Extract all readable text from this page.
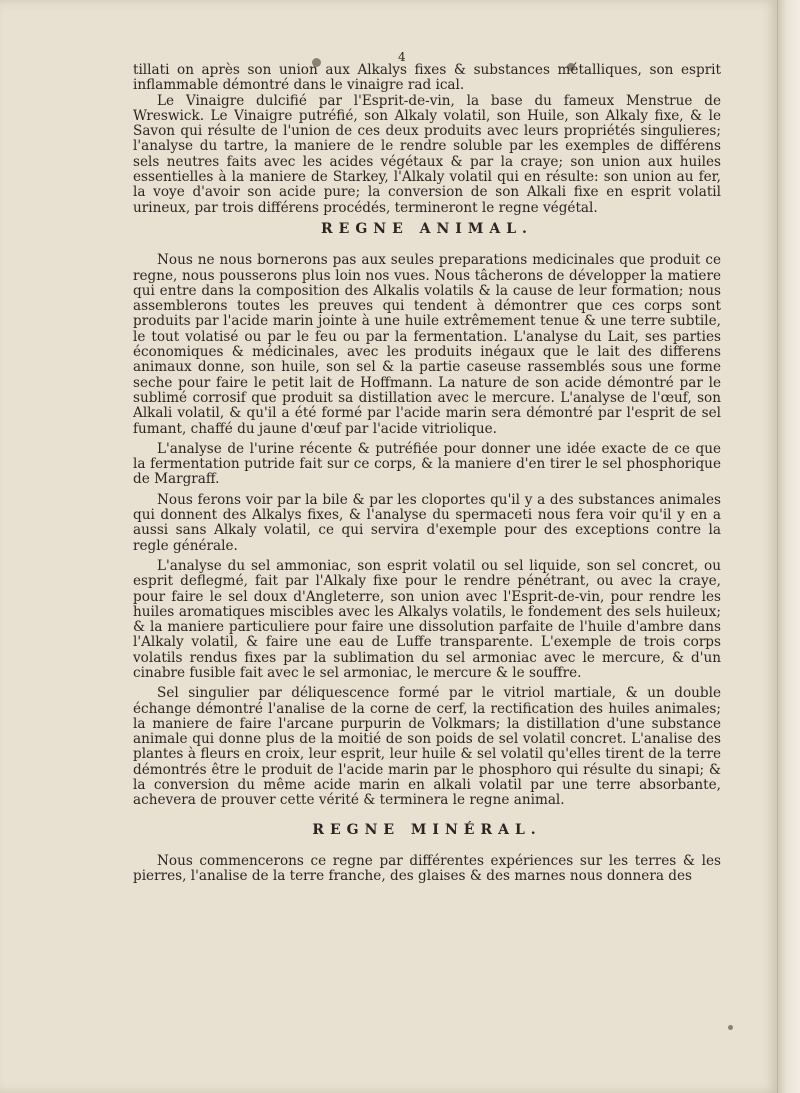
4

tillati on après son union aux Alkalys fixes & substances métalliques, son esprit inflammable démontré dans le vinaigre rad ical.

Le Vinaigre dulcifié par l'Esprit-de-vin, la base du fameux Menstrue de Wreswick. Le Vinaigre putréfié, son Alkaly volatil, son Huile, son Alkaly fixe, & le Savon qui résulte de l'union de ces deux produits avec leurs propriétés singulieres; l'analyse du tartre, la maniere de le rendre soluble par les exemples de différens sels neutres faits avec les acides végétaux & par la craye; son union aux huiles essentielles à la maniere de Starkey, l'Alkaly volatil qui en résulte: son union au fer, la voye d'avoir son acide pure; la conversion de son Alkali fixe en esprit volatil urineux, par trois différens procédés, termineront le regne végétal.

REGNE ANIMAL.

Nous ne nous bornerons pas aux seules preparations medicinales que produit ce regne, nous pousserons plus loin nos vues. Nous tâcherons de développer la matiere qui entre dans la composition des Alkalis volatils & la cause de leur formation; nous assemblerons toutes les preuves qui tendent à démontrer que ces corps sont produits par l'acide marin jointe à une huile extrêmement tenue & une terre subtile, le tout volatisé ou par le feu ou par la fermentation. L'analyse du Lait, ses parties économiques & médicinales, avec les produits inégaux que le lait des differens animaux donne, son huile, son sel & la partie caseuse rassemblés sous une forme seche pour faire le petit lait de Hoffmann. La nature de son acide démontré par le sublimé corrosif que produit sa distillation avec le mercure. L'analyse de l'œuf, son Alkali volatil, & qu'il a été formé par l'acide marin sera démontré par l'esprit de sel fumant, chaffé du jaune d'œuf par l'acide vitriolique.

L'analyse de l'urine récente & putréfiée pour donner une idée exacte de ce que la fermentation putride fait sur ce corps, & la maniere d'en tirer le sel phosphorique de Margraff.

Nous ferons voir par la bile & par les cloportes qu'il y a des substances animales qui donnent des Alkalys fixes, & l'analyse du spermaceti nous fera voir qu'il y en a aussi sans Alkaly volatil, ce qui servira d'exemple pour des exceptions contre la regle générale.

L'analyse du sel ammoniac, son esprit volatil ou sel liquide, son sel concret, ou esprit deflegmé, fait par l'Alkaly fixe pour le rendre pénétrant, ou avec la craye, pour faire le sel doux d'Angleterre, son union avec l'Esprit-de-vin, pour rendre les huiles aromatiques miscibles avec les Alkalys volatils, le fondement des sels huileux; & la maniere particuliere pour faire une dissolution parfaite de l'huile d'ambre dans l'Alkaly volatil, & faire une eau de Luffe transparente. L'exemple de trois corps volatils rendus fixes par la sublimation du sel armoniac avec le mercure, & d'un cinabre fusible fait avec le sel armoniac, le mercure & le souffre.

Sel singulier par déliquescence formé par le vitriol martiale, & un double échange démontré l'analise de la corne de cerf, la rectification des huiles animales; la maniere de faire l'arcane purpurin de Volkmars; la distillation d'une substance animale qui donne plus de la moitié de son poids de sel volatil concret. L'analise des plantes à fleurs en croix, leur esprit, leur huile & sel volatil qu'elles tirent de la terre démontrés être le produit de l'acide marin par le phosphoro qui résulte du sinapi; & la conversion du même acide marin en alkali volatil par une terre absorbante, achevera de prouver cette vérité & terminera le regne animal.

REGNE MINÉRAL.

Nous commencerons ce regne par différentes expériences sur les terres & les pierres, l'analise de la terre franche, des glaises & des marnes nous donnera des
